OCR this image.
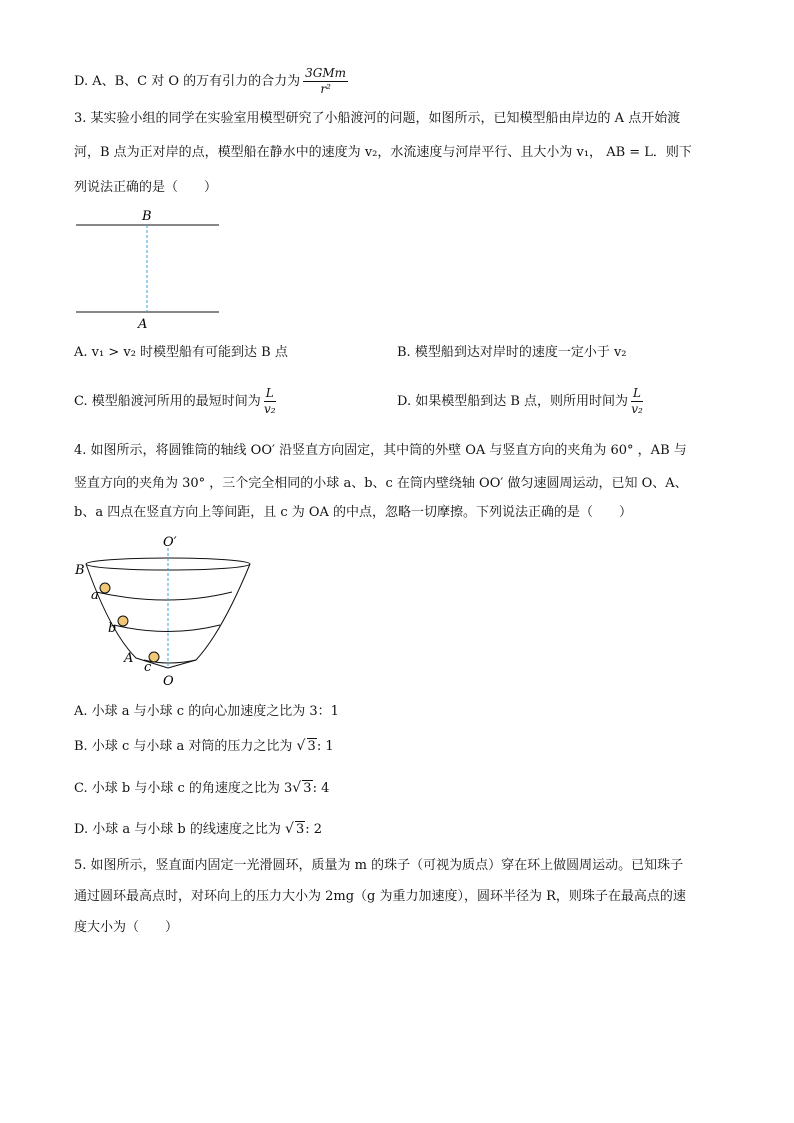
D. A、B、C 对 O 的万有引力的合力为 $\frac{\text{3GMm}}{\text{r²}}$
3. 某实验小组的同学在实验室用模型研究了小船渡河的问题，如图所示，已知模型船由岸边的 A 点开始渡
河，B 点为正对岸的点，模型船在静水中的速度为 v₂，水流速度与河岸平行、且大小为 v₁， AB = L．则下
列说法正确的是（　　）
B
A
A. v₁ > v₂ 时模型船有可能到达 B 点	B. 模型船到达对岸时的速度一定小于 v₂
C. 模型船渡河所用的最短时间为 $\frac{L}{\text{v₂}}$	D. 如果模型船到达 B 点，则所用时间为 $\frac{L}{\text{v₂}}$
4. 如图所示，将圆锥筒的轴线 OO′ 沿竖直方向固定，其中筒的外壁 OA 与竖直方向的夹角为 60° ，AB 与
竖直方向的夹角为 30° ，三个完全相同的小球 a、b、c 在筒内壁绕轴 OO′ 做匀速圆周运动，已知 O、A、
b、a 四点在竖直方向上等间距，且 c 为 OA 的中点，忽略一切摩擦。下列说法正确的是（　　）
O′
B
a
b
A
c
O
A. 小球 a 与小球 c 的向心加速度之比为 3：1
B. 小球 c 与小球 a 对筒的压力之比为 √ 3: 1
C. 小球 b 与小球 c 的角速度之比为 3 √ 3: 4
D. 小球 a 与小球 b 的线速度之比为 √ 3: 2
5. 如图所示，竖直面内固定一光滑圆环，质量为 m 的珠子（可视为质点）穿在环上做圆周运动。已知珠子
通过圆环最高点时，对环向上的压力大小为 2mg（g 为重力加速度），圆环半径为 R，则珠子在最高点的速
度大小为（　　）
